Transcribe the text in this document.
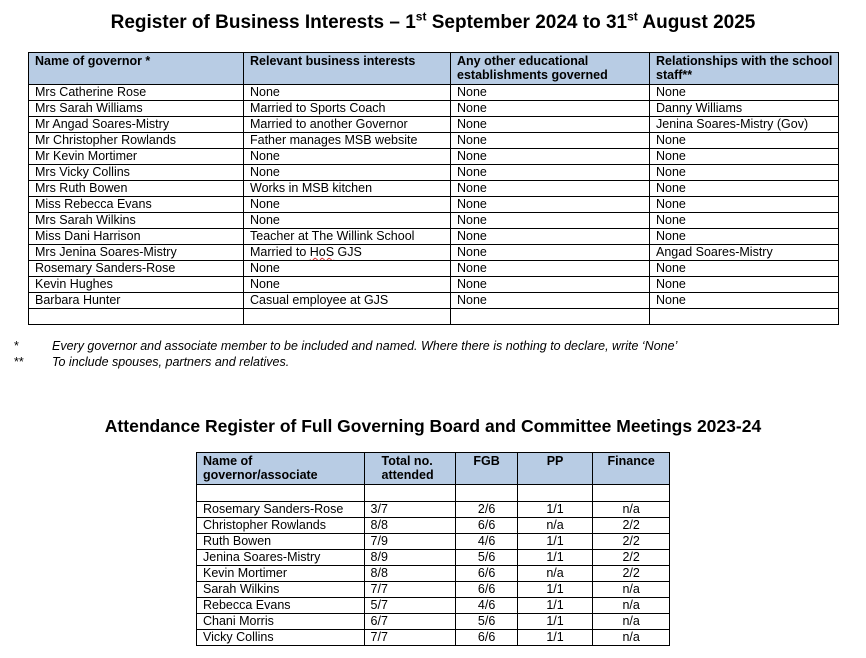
Register of Business Interests – 1st September 2024 to 31st August 2025
Name of governor *	Relevant business interests	Any other educational establishments governed	Relationships with the school staff**
Mrs Catherine Rose	None	None	None
Mrs Sarah Williams	Married to Sports Coach	None	Danny Williams
Mr Angad Soares-Mistry	Married to another Governor	None	Jenina Soares-Mistry (Gov)
Mr Christopher Rowlands	Father manages MSB website	None	None
Mr Kevin Mortimer	None	None	None
Mrs Vicky Collins	None	None	None
Mrs Ruth Bowen	Works in MSB kitchen	None	None
Miss Rebecca Evans	None	None	None
Mrs Sarah Wilkins	None	None	None
Miss Dani Harrison	Teacher at The Willink School	None	None
Mrs Jenina Soares-Mistry	Married to HoS GJS	None	Angad Soares-Mistry
Rosemary Sanders-Rose	None	None	None
Kevin Hughes	None	None	None
Barbara Hunter	Casual employee at GJS	None	None

*	Every governor and associate member to be included and named. Where there is nothing to declare, write ‘None’
**	To include spouses, partners and relatives.
Attendance Register of Full Governing Board and Committee Meetings 2023-24
Name of governor/associate	Total no. attended	FGB	PP	Finance

Rosemary Sanders-Rose	3/7	2/6	1/1	n/a
Christopher Rowlands	8/8	6/6	n/a	2/2
Ruth Bowen	7/9	4/6	1/1	2/2
Jenina Soares-Mistry	8/9	5/6	1/1	2/2
Kevin Mortimer	8/8	6/6	n/a	2/2
Sarah Wilkins	7/7	6/6	1/1	n/a
Rebecca Evans	5/7	4/6	1/1	n/a
Chani Morris	6/7	5/6	1/1	n/a
Vicky Collins	7/7	6/6	1/1	n/a
